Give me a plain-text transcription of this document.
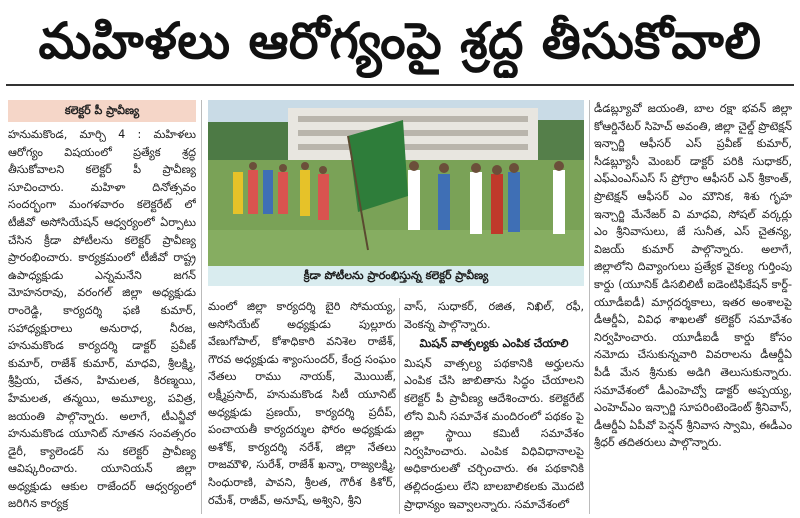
మహిళలు ఆరోగ్యంపై శ్రద్ధ తీసుకోవాలి
కలెక్టర్ పీ ప్రావీణ్య

హనుమకొండ, మార్చి 4 : మహిళలు ఆరోగ్యం విషయంలో ప్రత్యేక శ్రద్ధ తీసుకోవాలని కలెక్టర్ పీ ప్రావీణ్య సూచించారు. మహిళా దినోత్సవం సందర్భంగా మంగళవారం కలెక్టరేట్ లో టీజీవో అసోసియేషన్ ఆధ్వర్యంలో ఏర్పాటు చేసిన క్రీడా పోటీలను కలెక్టర్ ప్రావీణ్య ప్రారంభించారు. కార్యక్రమంలో టీజీవో రాష్ట్ర ఉపాధ్యక్షుడు ఎన్నమనేని జగన్ మోహనరావు, వరంగల్ జిల్లా అధ్యక్షుడు రాంరెడ్డి, కార్యదర్శి ఫణి కుమార్, సహాధ్యక్షురాలు అనురాధ, నీరజ, హనుమకొండ కార్యదర్శి డాక్టర్ ప్రవీణ్ కుమార్, రాజేశ్ కుమార్, మాధవి, శ్రీలక్ష్మి, శ్రీప్రియ, చేతన, హిమలత, కిరణ్మయి, హేమలత, తన్మయి, అమూల్య, పవిత్ర, జయంతి పాల్గొన్నారు. అలాగే, టీఎన్జీవో హనుమకొండ యూనిట్ నూతన సంవత్సరం డైరీ, క్యాలెండర్ ను కలెక్టర్ ప్రావీణ్య ఆవిష్కరించారు. యూనియన్ జిల్లా అధ్యక్షుడు ఆకుల రాజేందర్ ఆధ్వర్యంలో జరిగిన కార్యక్ర

క్రీడా పోటీలను ప్రారంభిస్తున్న కలెక్టర్ ప్రావీణ్య

మంలో జిల్లా కార్యదర్శి బైరి సోమయ్య, అసోసియేట్ అధ్యక్షుడు పుల్లూరు వేణుగోపాల్, కోశాధికారి వనిశెల రాజేశ్, గౌరవ అధ్యక్షుడు శ్యాంసుందర్, కేంద్ర సంఘం నేతలు రాము నాయక్, మొయిజ్, లక్ష్మీప్రసాద్, హనుమకొండ సిటీ యూనిట్ అధ్యక్షుడు ప్రణయ్, కార్యదర్శి ప్రదీప్, పంచాయతీ కార్యదర్శుల ఫోరం అధ్యక్షుడు అశోక్, కార్యదర్శి నరేశ్, జిల్లా నేతలు రాజమౌళి, సురేశ్, రాజేశ్ ఖన్నా, రాజ్యలక్ష్మి, సింధురాణి, పావని, శ్రీలత, గౌరీశ కిశోర్, రమేశ్, రాజీవ్, అనూష్, అశ్విని, శ్రీని

వాస్, సుధాకర్, రజిత, నిఖిల్, రఫీ, వెంకన్న పాల్గొన్నారు.

మిషన్ వాత్సల్యకు ఎంపిక చేయాలి

మిషన్ వాత్సల్య పథకానికి అర్హులను ఎంపిక చేసి జాబితాను సిద్ధం చేయాలని కలెక్టర్ పీ ప్రావీణ్య ఆదేశించారు. కలెక్టరేట్ లోని మినీ సమావేశ మందిరంలో పథకం పై జిల్లా స్థాయి కమిటీ సమావేశం నిర్వహించారు. ఎంపిక విధివిధానాలపై అధికారులతో చర్చించారు. ఈ పథకానికి తల్లిదండ్రులు లేని బాలబాలికలకు మొదటి ప్రాధాన్యం ఇవ్వాలన్నారు. సమావేశంలో

డీడబ్ల్యూవో జయంతి, బాల రక్షా భవన్ జిల్లా కోఆర్డినేటర్ సిహెచ్ అవంతి, జిల్లా చైల్డ్ ప్రొటెక్షన్ ఇన్చార్జి ఆఫీసర్ ఎస్ ప్రవీణ్ కుమార్, సీడబ్ల్యూసీ మెంబర్ డాక్టర్ పరికి సుధాకర్, ఎఫ్ఎంఎస్ఎస్ స్ ప్రోగ్రాం ఆఫీసర్ ఎన్ శ్రీకాంత్, ప్రొటెక్షన్ ఆఫీసర్ ఎం మౌనిక, శిశు గృహ ఇన్చార్జి మేనేజర్ వి మాధవి, సోషల్ వర్కర్లు ఎం శ్రీనివాసులు, జే సునీత, ఎస్ చైతన్య, విజయ్ కుమార్ పాల్గొన్నారు. అలాగే, జిల్లాలోని దివ్యాంగులు ప్రత్యేక వైకల్య గుర్తింపు కార్డు (యూనిక్ డిసబిలిటీ ఐడెంటిఫికేషన్ కార్డ్-యూడీఐడీ) మార్గదర్శకాలు, ఇతర అంశాలపై డీఆర్డీఏ, వివిధ శాఖలతో కలెక్టర్ సమావేశం నిర్వహించారు. యూడీఐడీ కార్డు కోసం నమోదు చేసుకున్నవారి వివరాలను డీఆర్డీఏ పీడీ మేన శ్రీనుకు అడిగి తెలుసుకున్నారు. సమావేశంలో డీఎంహెచ్వో డాక్టర్ అప్పయ్య, ఎంహెచ్ఎం ఇన్చార్జి సూపరింటెండెంట్ శ్రీనివాస్, డీఆర్డీఏ ఏపీవో పెన్షన్ శ్రీనివాస స్వామి, ఈడీఎం శ్రీధర్ తదితరులు పాల్గొన్నారు.
